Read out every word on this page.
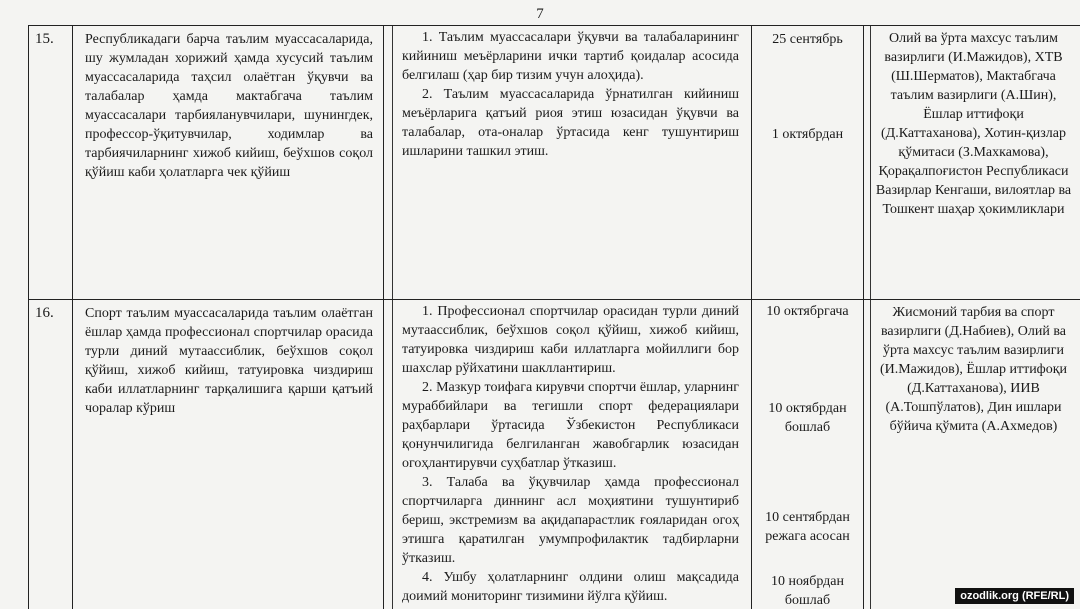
7
15.	Республикадаги барча таълим муассасаларида, шу жумладан хорижий ҳамда хусусий таълим муассасаларида таҳсил олаётган ўқувчи ва талабалар ҳамда мактабгача таълим муассасалари тарбияланувчилари, шунингдек, профессор-ўқитувчилар, ходимлар ва тарбиячиларнинг хижоб кийиш, беўхшов соқол қўйиш каби ҳолатларга чек қўйиш

1. Таълим муассасалари ўқувчи ва талабаларининг кийиниш меъёрларини ички тартиб қоидалар асосида белгилаш (ҳар бир тизим учун алоҳида).

2. Таълим муассасаларида ўрнатилган кийиниш меъёрларига қатъий риоя этиш юзасидан ўқувчи ва талабалар, ота-оналар ўртасида кенг тушунтириш ишларини ташкил этиш.

25 сентябрь
1 октябрдан
Олий ва ўрта махсус таълим вазирлиги (И.Мажидов), ХТВ (Ш.Шерматов), Мактабгача таълим вазирлиги (А.Шин), Ёшлар иттифоқи (Д.Каттаханова), Хотин-қизлар қўмитаси (З.Махкамова), Қорақалпоғистон Республикаси Вазирлар Кенгаши, вилоятлар ва Тошкент шаҳар ҳокимликлари
16.	Спорт таълим муассасаларида таълим олаётган ёшлар ҳамда профессионал спортчилар орасида турли диний мутаассиблик, беўхшов соқол қўйиш, хижоб кийиш, татуировка чиздириш каби иллатларнинг тарқалишига қарши қатъий чоралар кўриш

1. Профессионал спортчилар орасидан турли диний мутаассиблик, беўхшов соқол қўйиш, хижоб кийиш, татуировка чиздириш каби иллатларга мойиллиги бор шахслар рўйхатини шакллантириш.

2. Мазкур тоифага кирувчи спортчи ёшлар, уларнинг мураббийлари ва тегишли спорт федерациялари раҳбарлари ўртасида Ўзбекистон Республикаси қонунчилигида белгиланган жавобгарлик юзасидан огоҳлантирувчи суҳбатлар ўтказиш.

3. Талаба ва ўқувчилар ҳамда профессионал спортчиларга диннинг асл моҳиятини тушунтириб бериш, экстремизм ва ақидапарастлик ғояларидан огоҳ этишга қаратилган умумпрофилактик тадбирларни ўтказиш.

4. Ушбу ҳолатларнинг олдини олиш мақсадида доимий мониторинг тизимини йўлга қўйиш.

10 октябргача
10 октябрдан бошлаб
10 сентябрдан режага асосан
10 ноябрдан бошлаб
Жисмоний тарбия ва спорт вазирлиги (Д.Набиев), Олий ва ўрта махсус таълим вазирлиги (И.Мажидов), Ёшлар иттифоқи (Д.Каттаханова), ИИВ (А.Тошпўлатов), Дин ишлари бўйича қўмита (А.Ахмедов)
ozodlik.org (RFE/RL)
